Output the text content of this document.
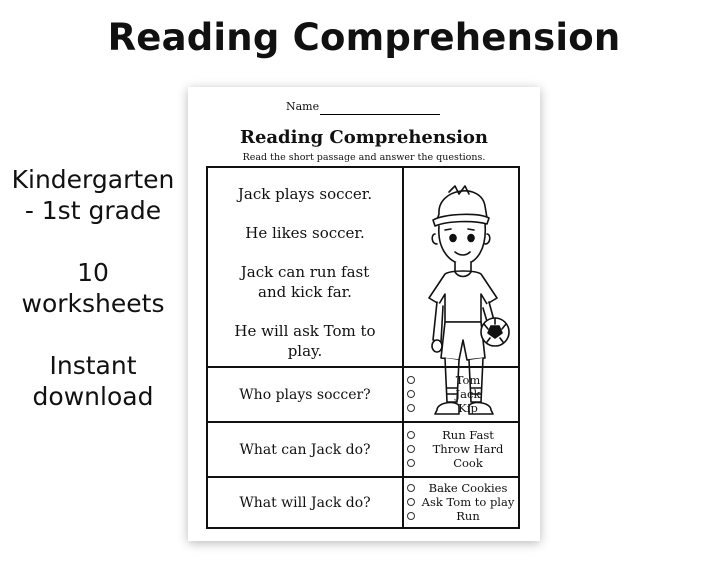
Reading Comprehension
Kindergarten
- 1st grade
10
worksheets
Instant
download
Name
Reading Comprehension
Read the short passage and answer the questions.
Jack plays soccer.
He likes soccer.
Jack can run fast
and kick far.
He will ask Tom to
play.
Who plays soccer?
Tom
Jack
Kip
What can Jack do?
Run Fast
Throw Hard
Cook
What will Jack do?
Bake Cookies
Ask Tom to play
Run
